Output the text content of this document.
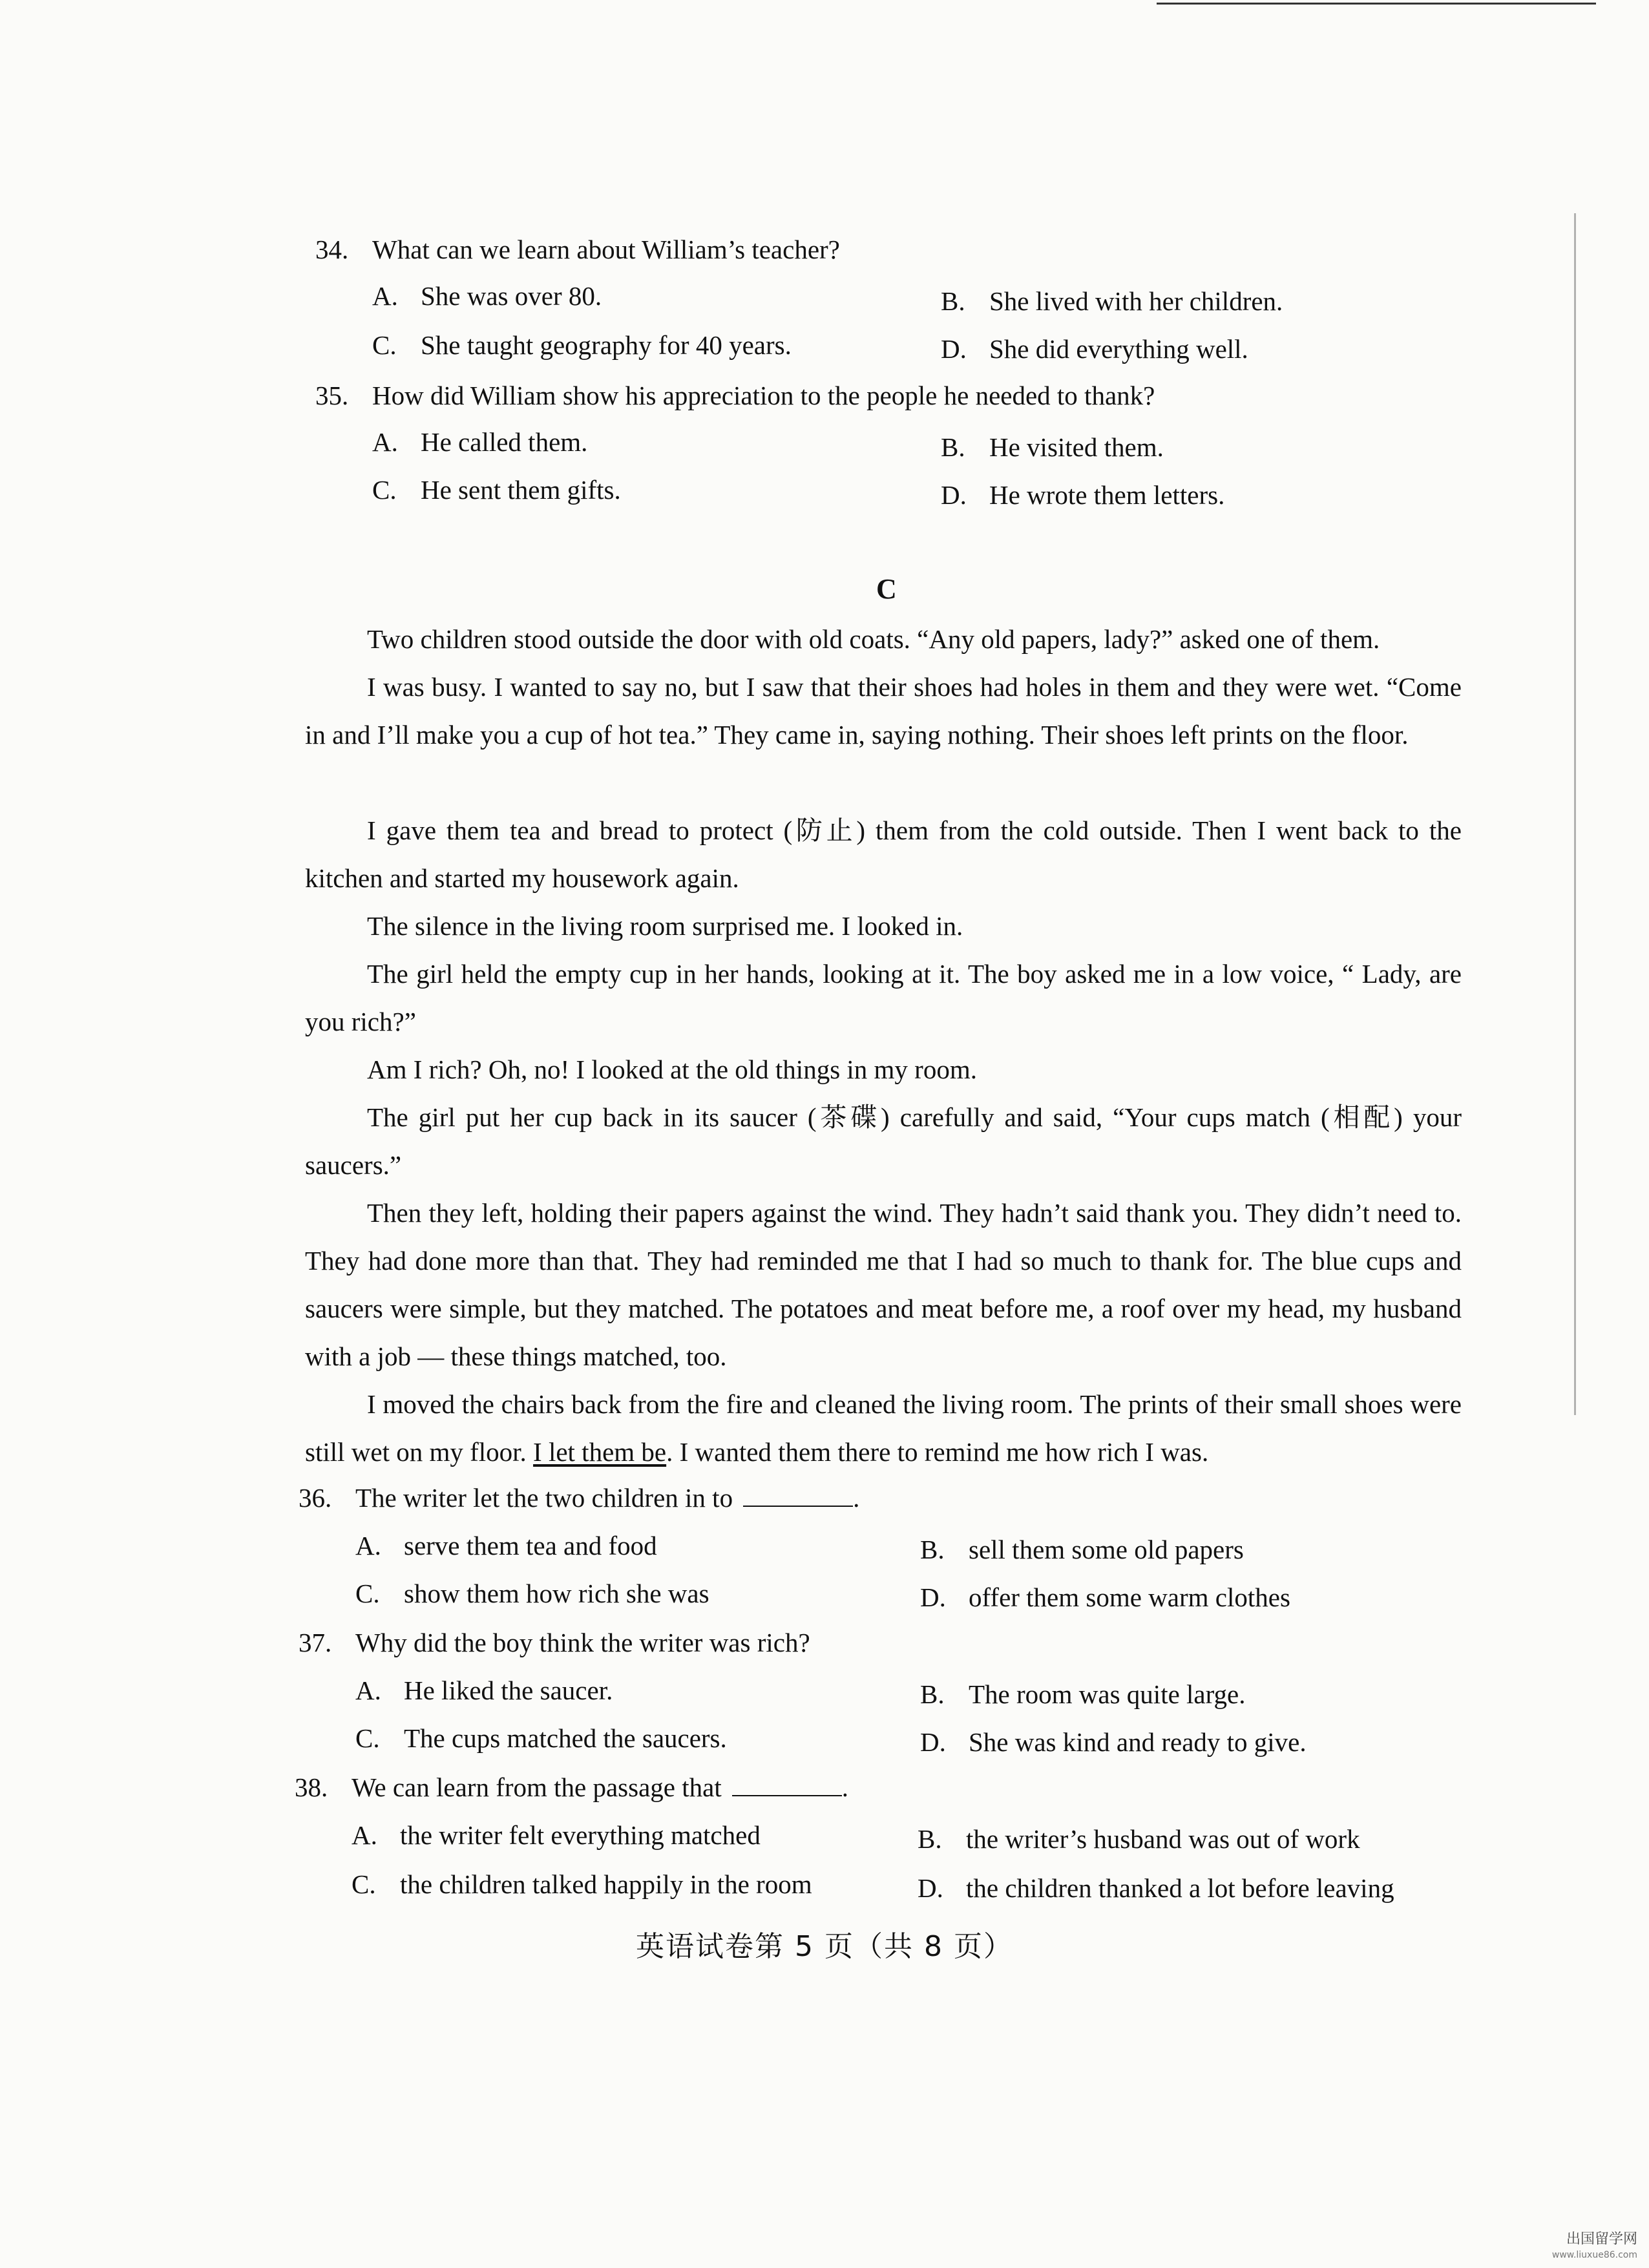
34. What can we learn about William’s teacher?
A. She was over 80.	B. She lived with her children.
C. She taught geography for 40 years.	D. She did everything well.
35. How did William show his appreciation to the people he needed to thank?
A. He called them.	B. He visited them.
C. He sent them gifts.	D. He wrote them letters.
C

Two children stood outside the door with old coats. “Any old papers, lady?” asked one of them.

I was busy. I wanted to say no, but I saw that their shoes had holes in them and they were wet. “Come in and I’ll make you a cup of hot tea.” They came in, saying nothing. Their shoes left prints on the floor.

I gave them tea and bread to protect (防止) them from the cold outside. Then I went back to the kitchen and started my housework again.

The silence in the living room surprised me. I looked in.

The girl held the empty cup in her hands, looking at it. The boy asked me in a low voice, “ Lady, are you rich?”

Am I rich? Oh, no! I looked at the old things in my room.

The girl put her cup back in its saucer (茶碟) carefully and said, “Your cups match (相配) your saucers.”

Then they left, holding their papers against the wind. They hadn’t said thank you. They didn’t need to. They had done more than that. They had reminded me that I had so much to thank for. The blue cups and saucers were simple, but they matched. The potatoes and meat before me, a roof over my head, my husband with a job — these things matched, too.

I moved the chairs back from the fire and cleaned the living room. The prints of their small shoes were still wet on my floor. I let them be. I wanted them there to remind me how rich I was.

36. The writer let the two children in to	.
A. serve them tea and food	B. sell them some old papers
C. show them how rich she was	D. offer them some warm clothes
37. Why did the boy think the writer was rich?
A. He liked the saucer.	B. The room was quite large.
C. The cups matched the saucers.	D. She was kind and ready to give.
38. We can learn from the passage that	.
A. the writer felt everything matched	B. the writer’s husband was out of work
C. the children talked happily in the room	D. the children thanked a lot before leaving
英语试卷第 5 页（共 8 页）
出国留学网
www.liuxue86.com
